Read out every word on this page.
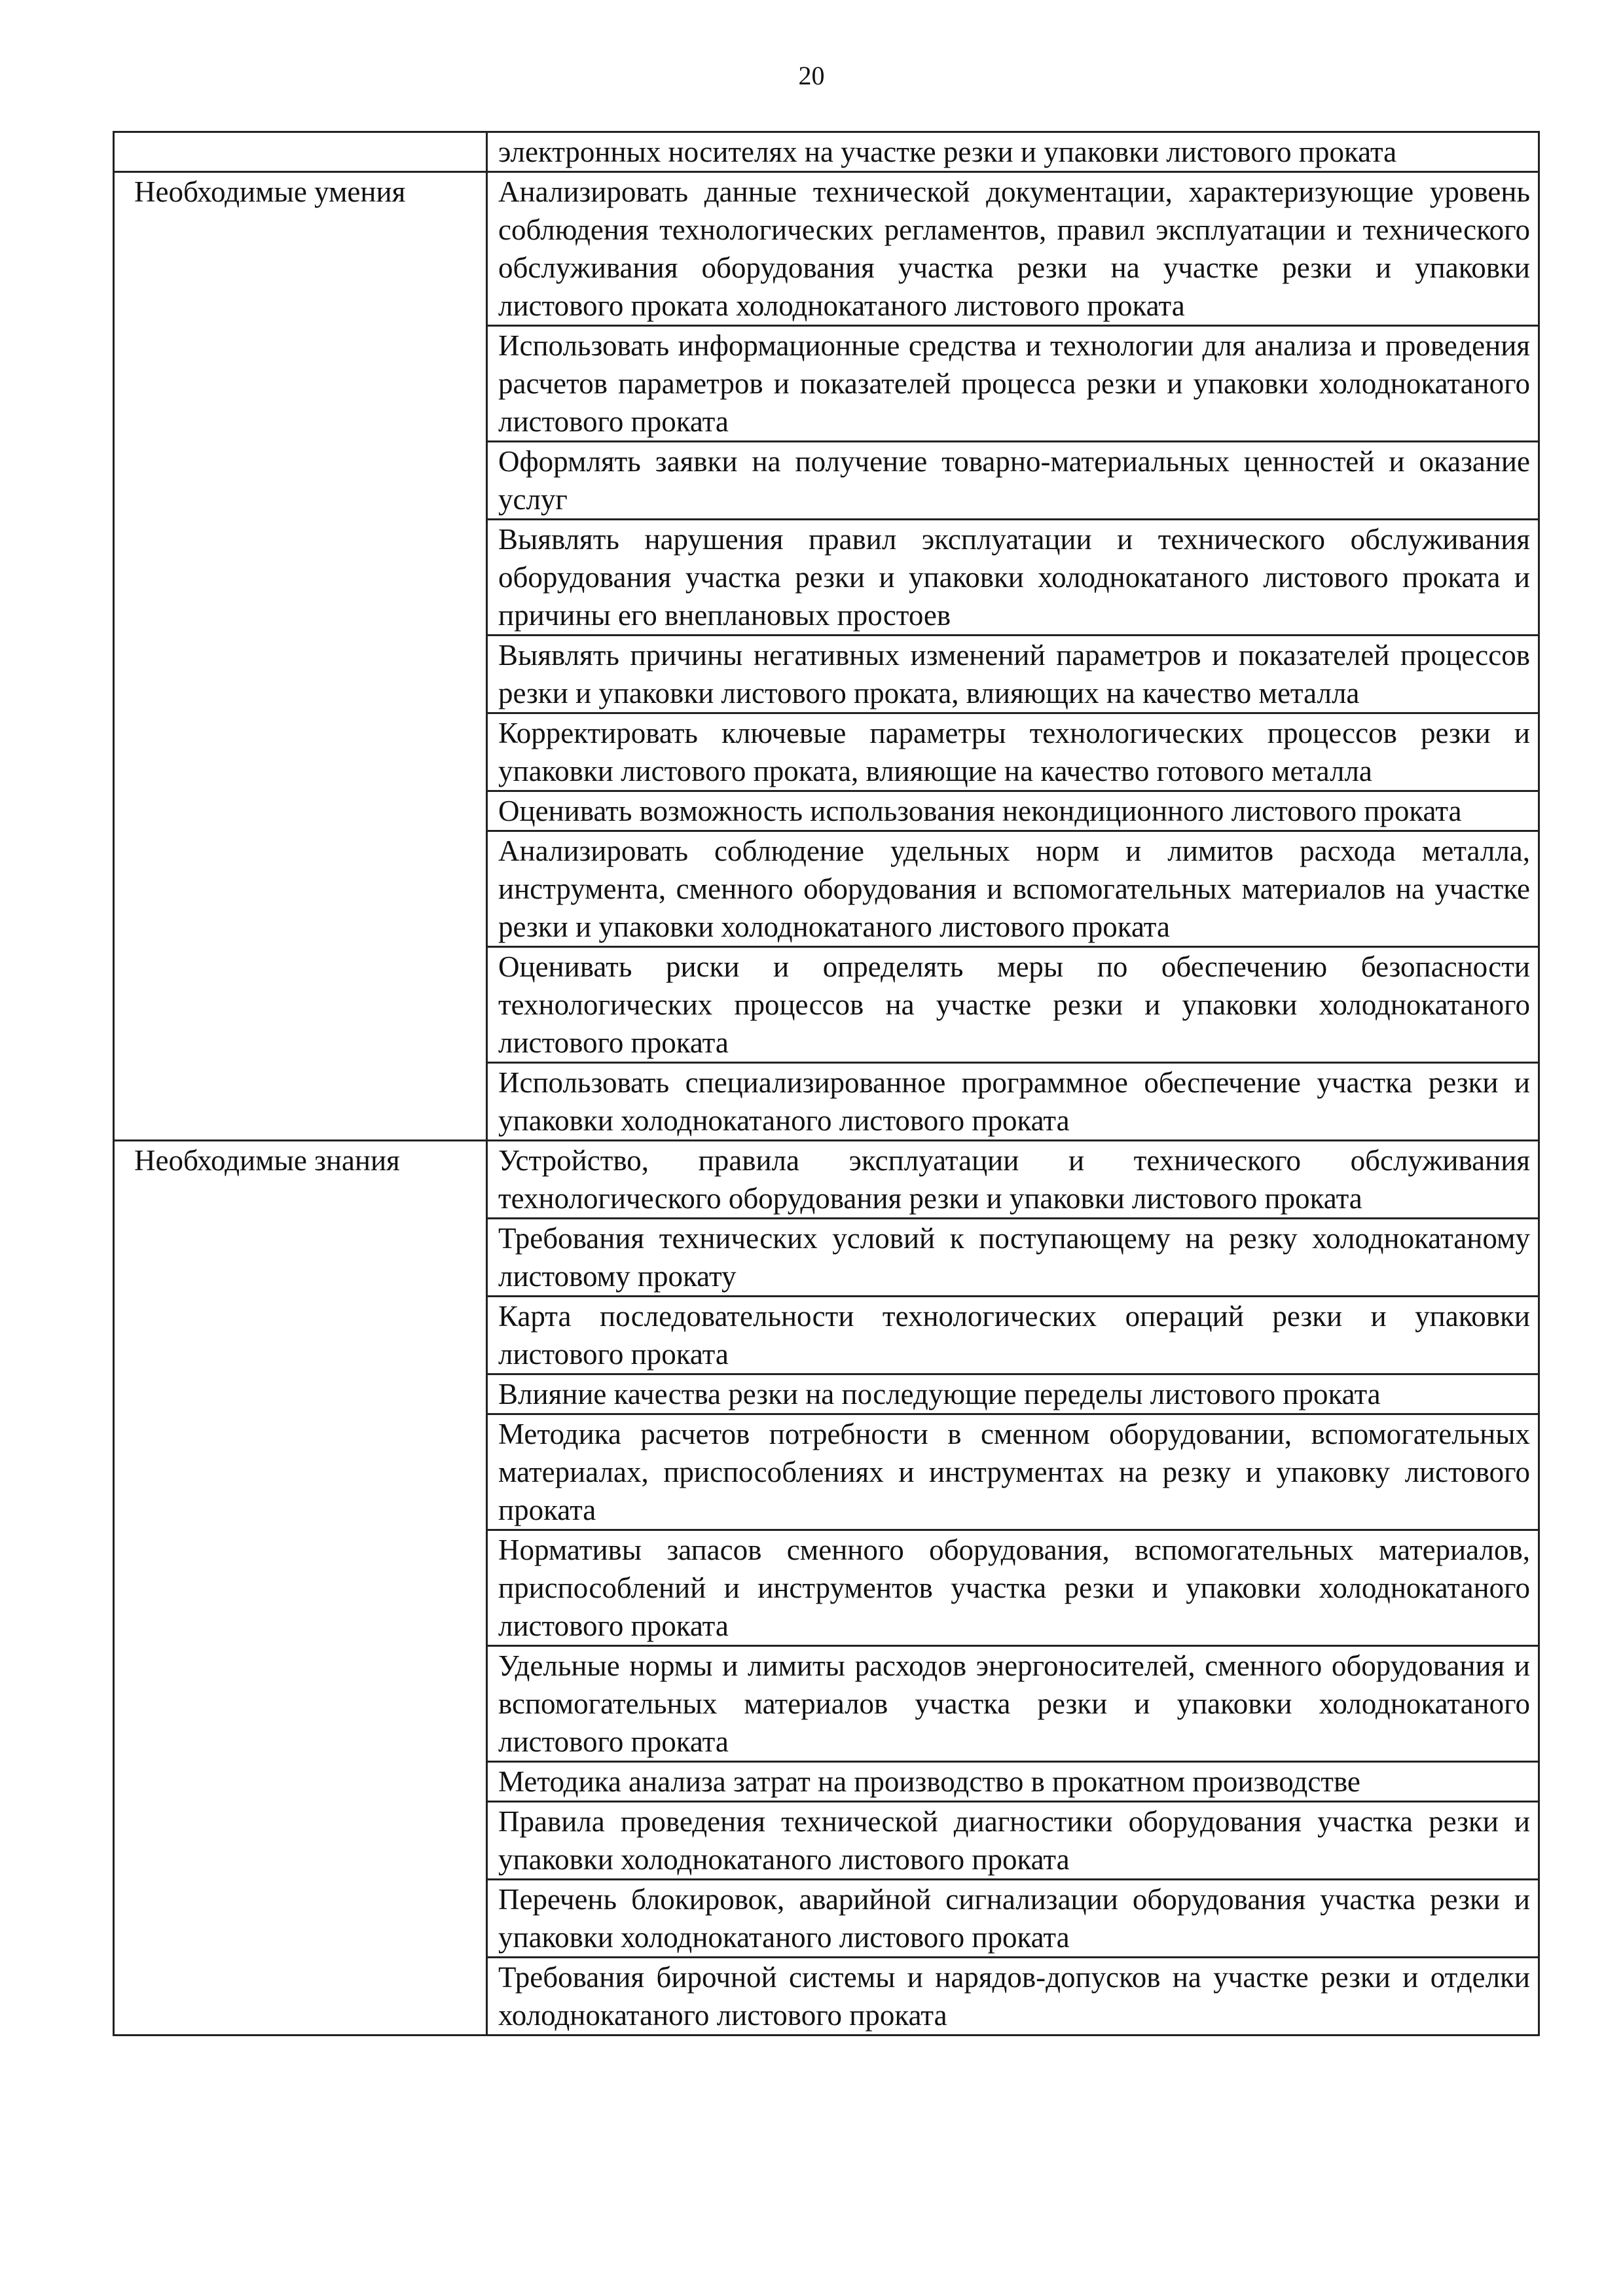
20
	электронных носителях на участке резки и упаковки листового проката
Необходимые умения	Анализировать данные технической документации, характеризующие уровень соблюдения технологических регламентов, правил эксплуатации и технического обслуживания оборудования участка резки на участке резки и упаковки листового проката холоднокатаного листового проката
	Использовать информационные средства и технологии для анализа и проведения расчетов параметров и показателей процесса резки и упаковки холоднокатаного листового проката
	Оформлять заявки на получение товарно-материальных ценностей и оказание услуг
	Выявлять нарушения правил эксплуатации и технического обслуживания оборудования участка резки и упаковки холоднокатаного листового проката и причины его внеплановых простоев
	Выявлять причины негативных изменений параметров и показателей процессов резки и упаковки листового проката, влияющих на качество металла
	Корректировать ключевые параметры технологических процессов резки и упаковки листового проката, влияющие на качество готового металла
	Оценивать возможность использования некондиционного листового проката
	Анализировать соблюдение удельных норм и лимитов расхода металла, инструмента, сменного оборудования и вспомогательных материалов на участке резки и упаковки холоднокатаного листового проката
	Оценивать риски и определять меры по обеспечению безопасности технологических процессов на участке резки и упаковки холоднокатаного листового проката
	Использовать специализированное программное обеспечение участка резки и упаковки холоднокатаного листового проката
Необходимые знания	Устройство, правила эксплуатации и технического обслуживания технологического оборудования резки и упаковки листового проката
	Требования технических условий к поступающему на резку холоднокатаному листовому прокату
	Карта последовательности технологических операций резки и упаковки листового проката
	Влияние качества резки на последующие переделы листового проката
	Методика расчетов потребности в сменном оборудовании, вспомогательных материалах, приспособлениях и инструментах на резку и упаковку листового проката
	Нормативы запасов сменного оборудования, вспомогательных материалов, приспособлений и инструментов участка резки и упаковки холоднокатаного листового проката
	Удельные нормы и лимиты расходов энергоносителей, сменного оборудования и вспомогательных материалов участка резки и упаковки холоднокатаного листового проката
	Методика анализа затрат на производство в прокатном производстве
	Правила проведения технической диагностики оборудования участка резки и упаковки холоднокатаного листового проката
	Перечень блокировок, аварийной сигнализации оборудования участка резки и упаковки холоднокатаного листового проката
	Требования бирочной системы и нарядов-допусков на участке резки и отделки холоднокатаного листового проката
